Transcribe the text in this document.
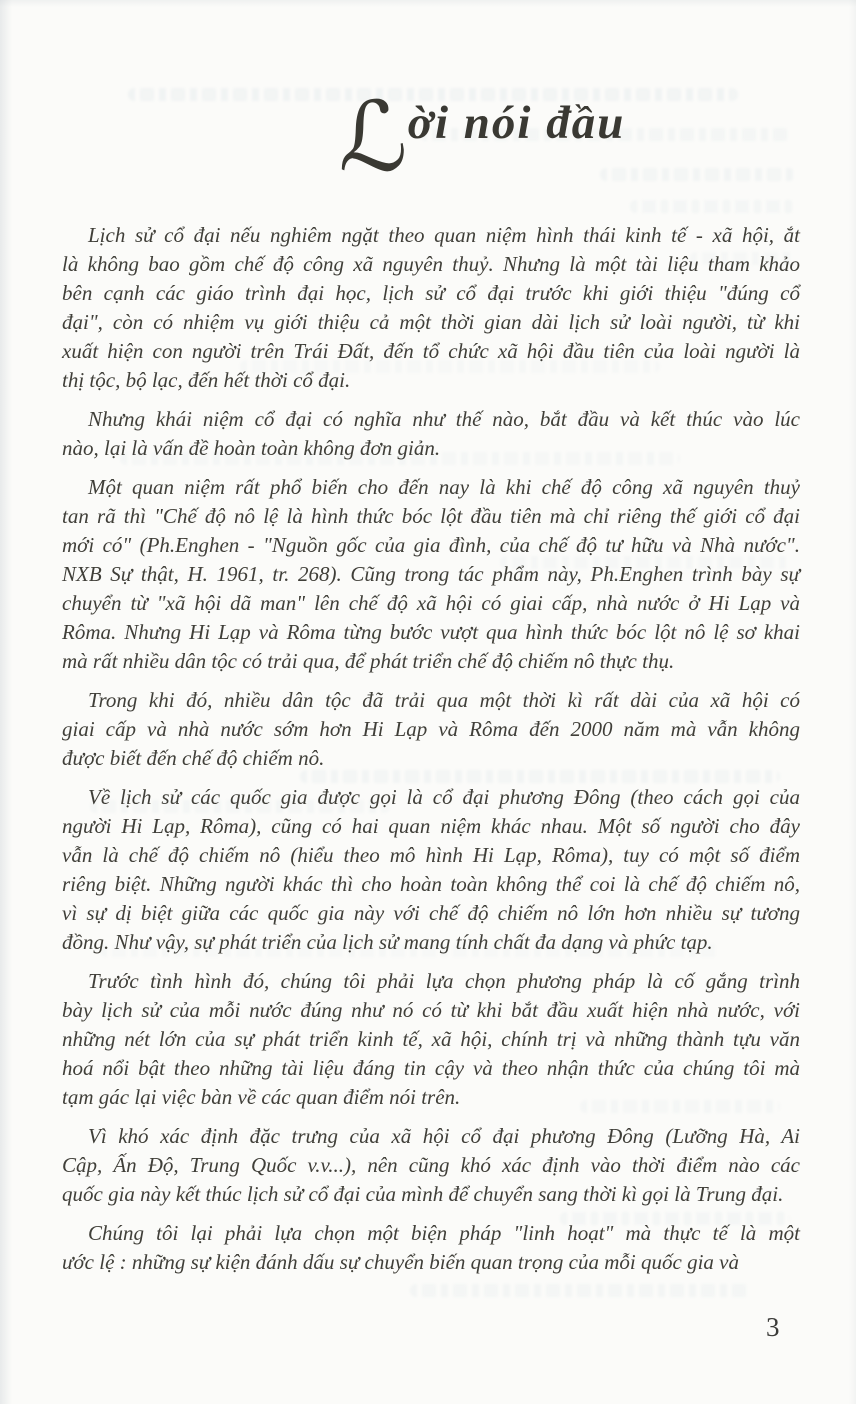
ℒời nói đầu

Lịch sử cổ đại nếu nghiêm ngặt theo quan niệm hình thái kinh tế - xã hội, ắt
là không bao gồm chế độ công xã nguyên thuỷ. Nhưng là một tài liệu tham khảo
bên cạnh các giáo trình đại học, lịch sử cổ đại trước khi giới thiệu "đúng cổ
đại", còn có nhiệm vụ giới thiệu cả một thời gian dài lịch sử loài người, từ khi
xuất hiện con người trên Trái Đất, đến tổ chức xã hội đầu tiên của loài người là
thị tộc, bộ lạc, đến hết thời cổ đại.

Nhưng khái niệm cổ đại có nghĩa như thế nào, bắt đầu và kết thúc vào lúc
nào, lại là vấn đề hoàn toàn không đơn giản.

Một quan niệm rất phổ biến cho đến nay là khi chế độ công xã nguyên thuỷ
tan rã thì "Chế độ nô lệ là hình thức bóc lột đầu tiên mà chỉ riêng thế giới cổ đại
mới có" (Ph.Enghen - "Nguồn gốc của gia đình, của chế độ tư hữu và Nhà nước".
NXB Sự thật, H. 1961, tr. 268). Cũng trong tác phẩm này, Ph.Enghen trình bày sự
chuyển từ "xã hội dã man" lên chế độ xã hội có giai cấp, nhà nước ở Hi Lạp và
Rôma. Nhưng Hi Lạp và Rôma từng bước vượt qua hình thức bóc lột nô lệ sơ khai
mà rất nhiều dân tộc có trải qua, để phát triển chế độ chiếm nô thực thụ.

Trong khi đó, nhiều dân tộc đã trải qua một thời kì rất dài của xã hội có
giai cấp và nhà nước sớm hơn Hi Lạp và Rôma đến 2000 năm mà vẫn không
được biết đến chế độ chiếm nô.

Về lịch sử các quốc gia được gọi là cổ đại phương Đông (theo cách gọi của
người Hi Lạp, Rôma), cũng có hai quan niệm khác nhau. Một số người cho đây
vẫn là chế độ chiếm nô (hiểu theo mô hình Hi Lạp, Rôma), tuy có một số điểm
riêng biệt. Những người khác thì cho hoàn toàn không thể coi là chế độ chiếm nô,
vì sự dị biệt giữa các quốc gia này với chế độ chiếm nô lớn hơn nhiều sự tương
đồng. Như vậy, sự phát triển của lịch sử mang tính chất đa dạng và phức tạp.

Trước tình hình đó, chúng tôi phải lựa chọn phương pháp là cố gắng trình
bày lịch sử của mỗi nước đúng như nó có từ khi bắt đầu xuất hiện nhà nước, với
những nét lớn của sự phát triển kinh tế, xã hội, chính trị và những thành tựu văn
hoá nổi bật theo những tài liệu đáng tin cậy và theo nhận thức của chúng tôi mà
tạm gác lại việc bàn về các quan điểm nói trên.

Vì khó xác định đặc trưng của xã hội cổ đại phương Đông (Lưỡng Hà, Ai
Cập, Ấn Độ, Trung Quốc v.v...), nên cũng khó xác định vào thời điểm nào các
quốc gia này kết thúc lịch sử cổ đại của mình để chuyển sang thời kì gọi là Trung đại.

Chúng tôi lại phải lựa chọn một biện pháp "linh hoạt" mà thực tế là một
ước lệ : những sự kiện đánh dấu sự chuyển biến quan trọng của mỗi quốc gia và

3
